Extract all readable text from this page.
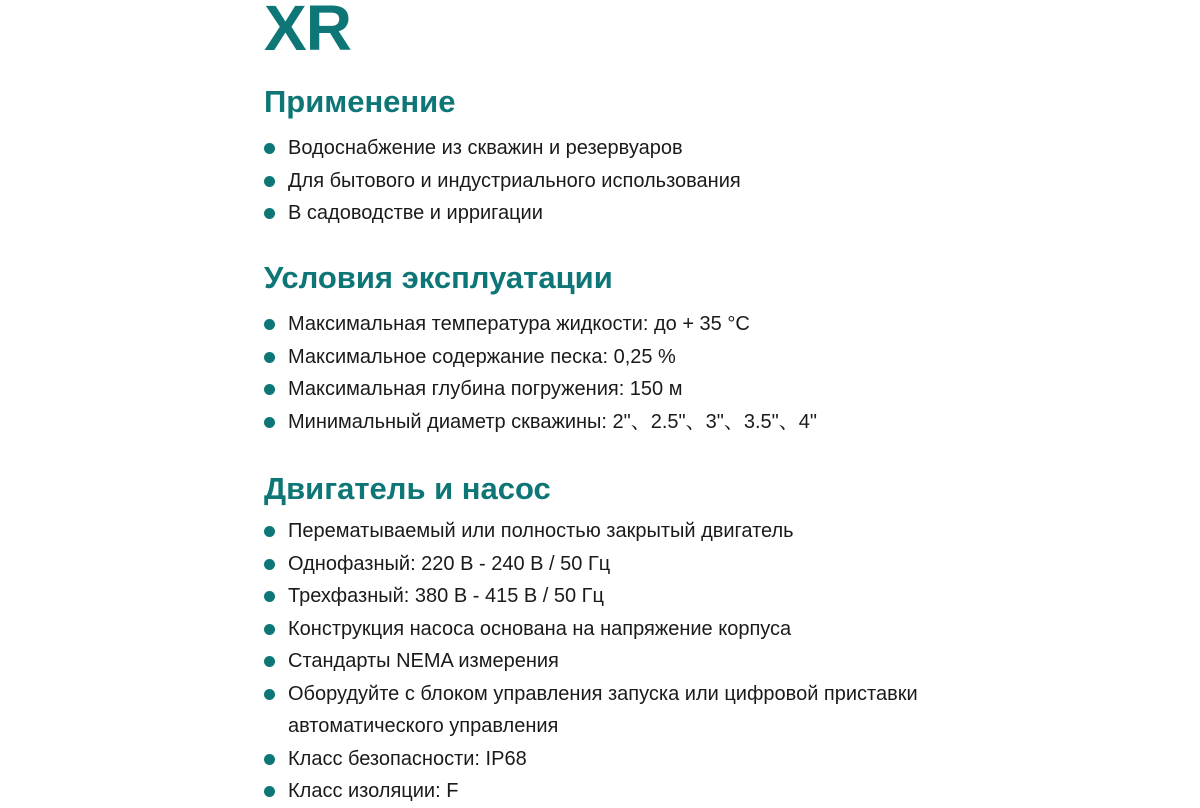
XR
Применение
Водоснабжение из скважин и резервуаров
Для бытового и индустриального использования
В садоводстве и ирригации
Условия эксплуатации
Максимальная температура жидкости: до + 35 °C
Максимальное содержание песка: 0,25 %
Максимальная глубина погружения: 150 м
Минимальный диаметр скважины: 2"、2.5"、3"、3.5"、4"
Двигатель и насос
Перематываемый или полностью закрытый двигатель
Однофазный: 220 В - 240 В / 50 Гц
Трехфазный: 380 В - 415 В / 50 Гц
Конструкция насоса основана на напряжение корпуса
Стандарты NEMA измерения
Оборудуйте с блоком управления запуска или цифровой приставки
автоматического управления
Класс безопасности: IP68
Класс изоляции: F
